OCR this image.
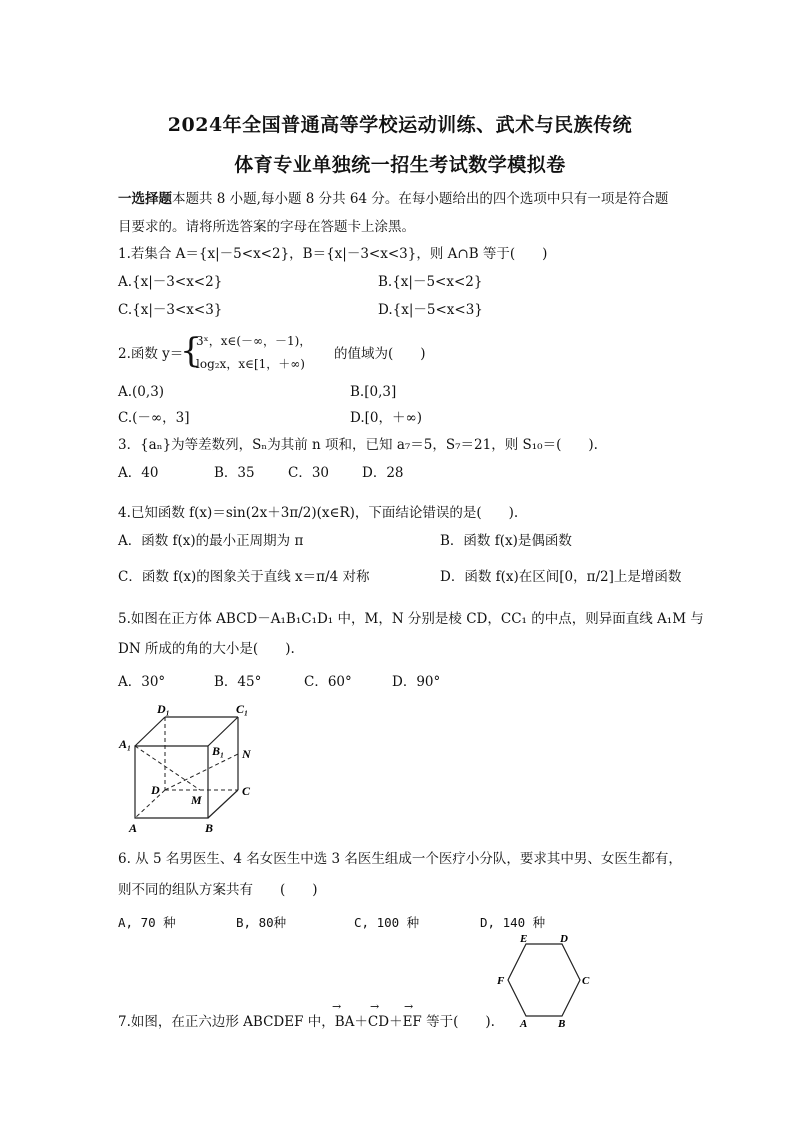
2024年全国普通高等学校运动训练、武术与民族传统
体育专业单独统一招生考试数学模拟卷
一选择题本题共 8 小题,每小题 8 分共 64 分。在每小题给出的四个选项中只有一项是符合题
目要求的。请将所选答案的字母在答题卡上涂黑。
1.若集合 A＝{x|－5<x<2}，B＝{x|－3<x<3}，则 A∩B 等于(　　)
A.{x|－3<x<2}	B.{x|－5<x<2}
C.{x|－3<x<3}	D.{x|－5<x<3}
2.函数 y＝
{
3ˣ，x∈(－∞，－1)，
log₂x，x∈[1，＋∞)
的值域为(　　)
A.(0,3)	B.[0,3]
C.(－∞，3]	D.[0，＋∞)
3．{aₙ}为等差数列，Sₙ为其前 n 项和，已知 a₇＝5，S₇＝21，则 S₁₀＝(　　).
A．40	B．35 C．30 D．28
4.已知函数 f(x)＝sin(2x＋3π/2)(x∈R)，下面结论错误的是(　　).
A．函数 f(x)的最小正周期为 π	B．函数 f(x)是偶函数
C．函数 f(x)的图象关于直线 x＝π/4 对称	D．函数 f(x)在区间[0，π/2]上是增函数
5.如图在正方体 ABCD－A₁B₁C₁D₁ 中，M，N 分别是棱 CD，CC₁ 的中点，则异面直线 A₁M 与
DN 所成的角的大小是(　　).
A．30°	B．45°	C．60°	D．90°
D₁	C₁
A₁	B₁ N
D	C
M
A	B
6. 从 5 名男医生、4 名女医生中选 3 名医生组成一个医疗小分队，要求其中男、女医生都有，
则不同的组队方案共有　　(　　)
A, 70 种	B, 80种	C, 100 种	D, 140 种
E	D
F	C
A	B
→	→ →
7.如图，在正六边形 ABCDEF 中，BA＋CD＋EF 等于(　　).
